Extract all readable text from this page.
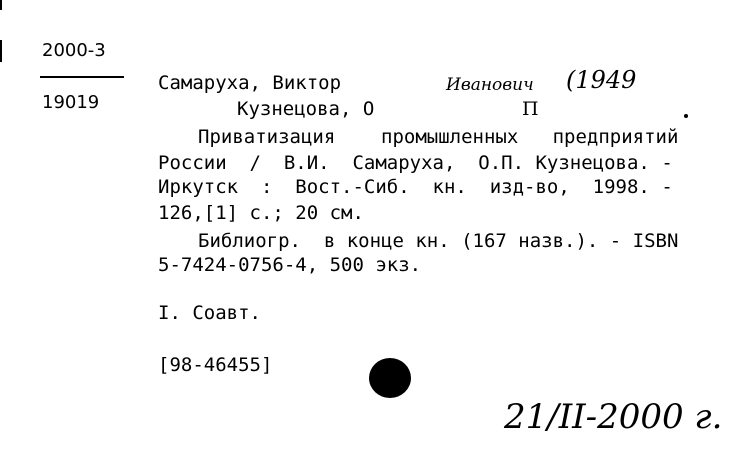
2000-3
19019
Самаруха, Виктор	Иванович (1949
Кузнецова, О	П
Приватизация    промышленных   предприятий
России  /  В.И.  Самаруха,  О.П. Кузнецова. -
Иркутск  :  Вост.-Сиб.  кн.  изд-во,  1998. -
126,[1] с.; 20 см.
Библиогр.  в конце кн. (167 назв.). - ISBN
5-7424-0756-4, 500 экз.
I. Соавт.
[98-46455]
21/II-2000 г.
